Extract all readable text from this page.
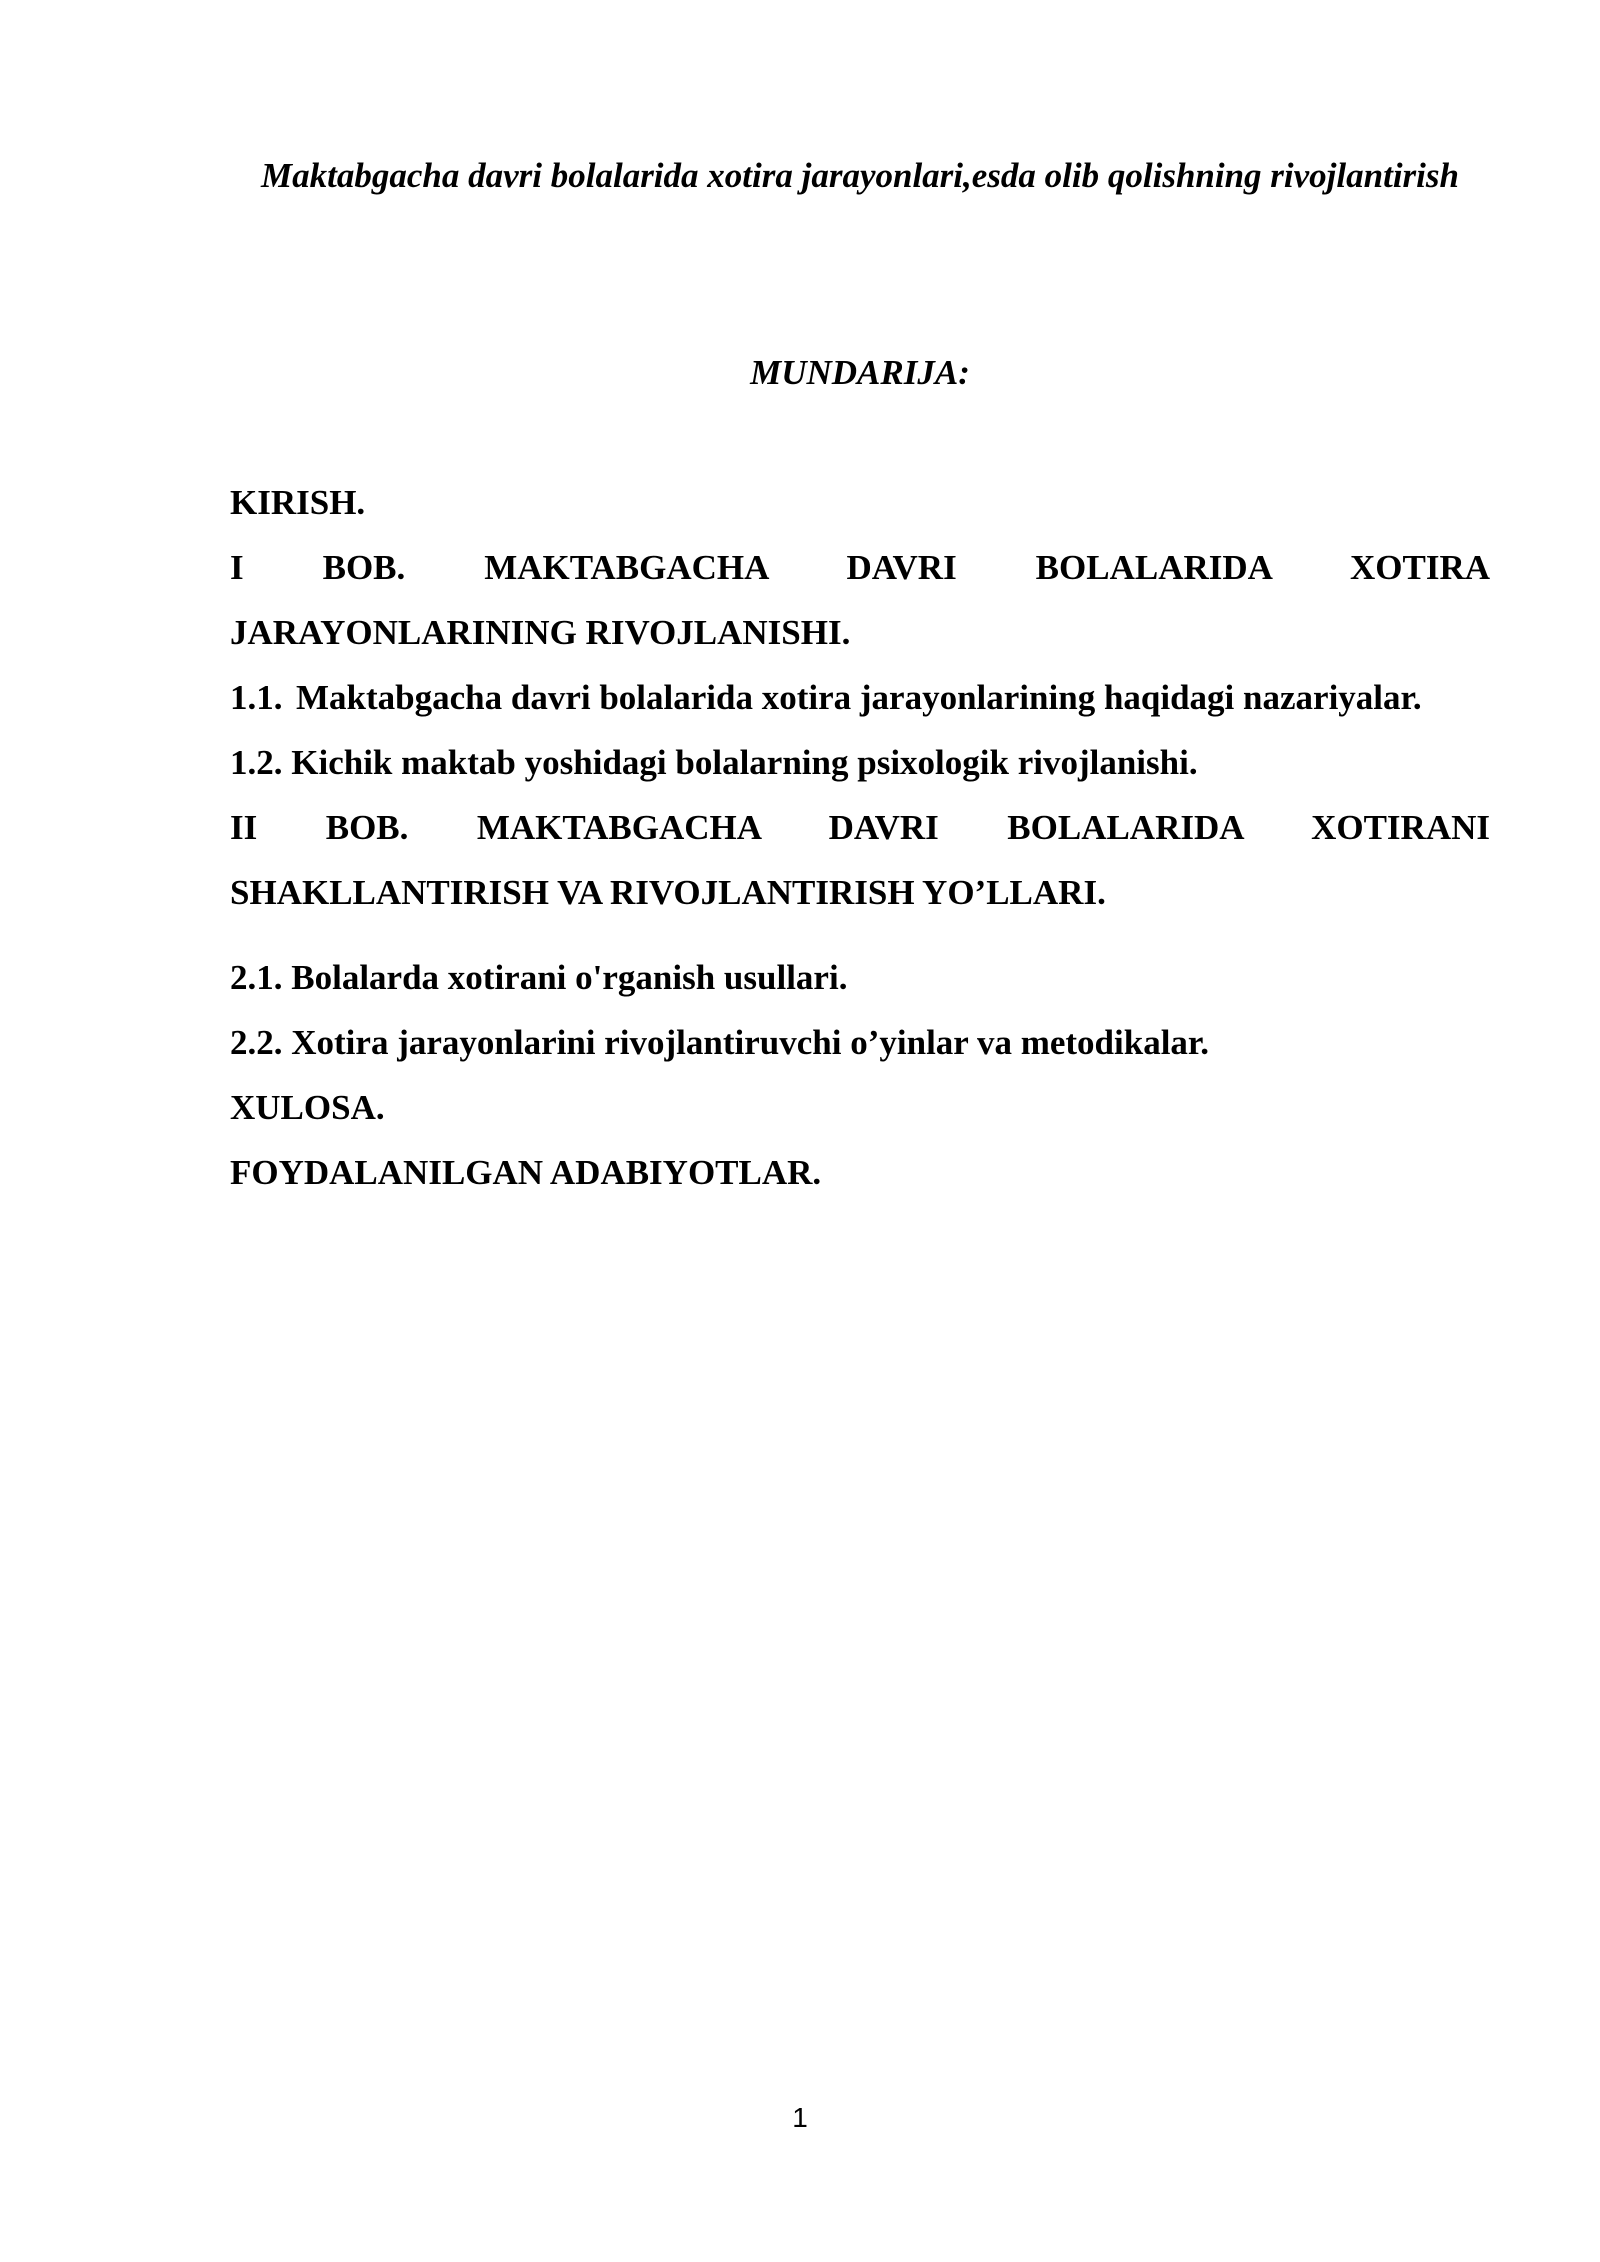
Maktabgacha davri bolalarida xotira jarayonlari,esda olib qolishning rivojlantirish
MUNDARIJA:

KIRISH.

I BOB. MAKTABGACHA DAVRI BOLALARIDA XOTIRA JARAYONLARINING RIVOJLANISHI.

1.1. Maktabgacha davri bolalarida xotira jarayonlarining haqidagi nazariyalar.

1.2. Kichik maktab yoshidagi bolalarning psixologik rivojlanishi.

II BOB. MAKTABGACHA DAVRI BOLALARIDA XOTIRANI SHAKLLANTIRISH VA RIVOJLANTIRISH YO’LLARI.

2.1. Bolalarda xotirani o'rganish usullari.

2.2. Xotira jarayonlarini rivojlantiruvchi o’yinlar va metodikalar.

XULOSA.

FOYDALANILGAN ADABIYOTLAR.

1
